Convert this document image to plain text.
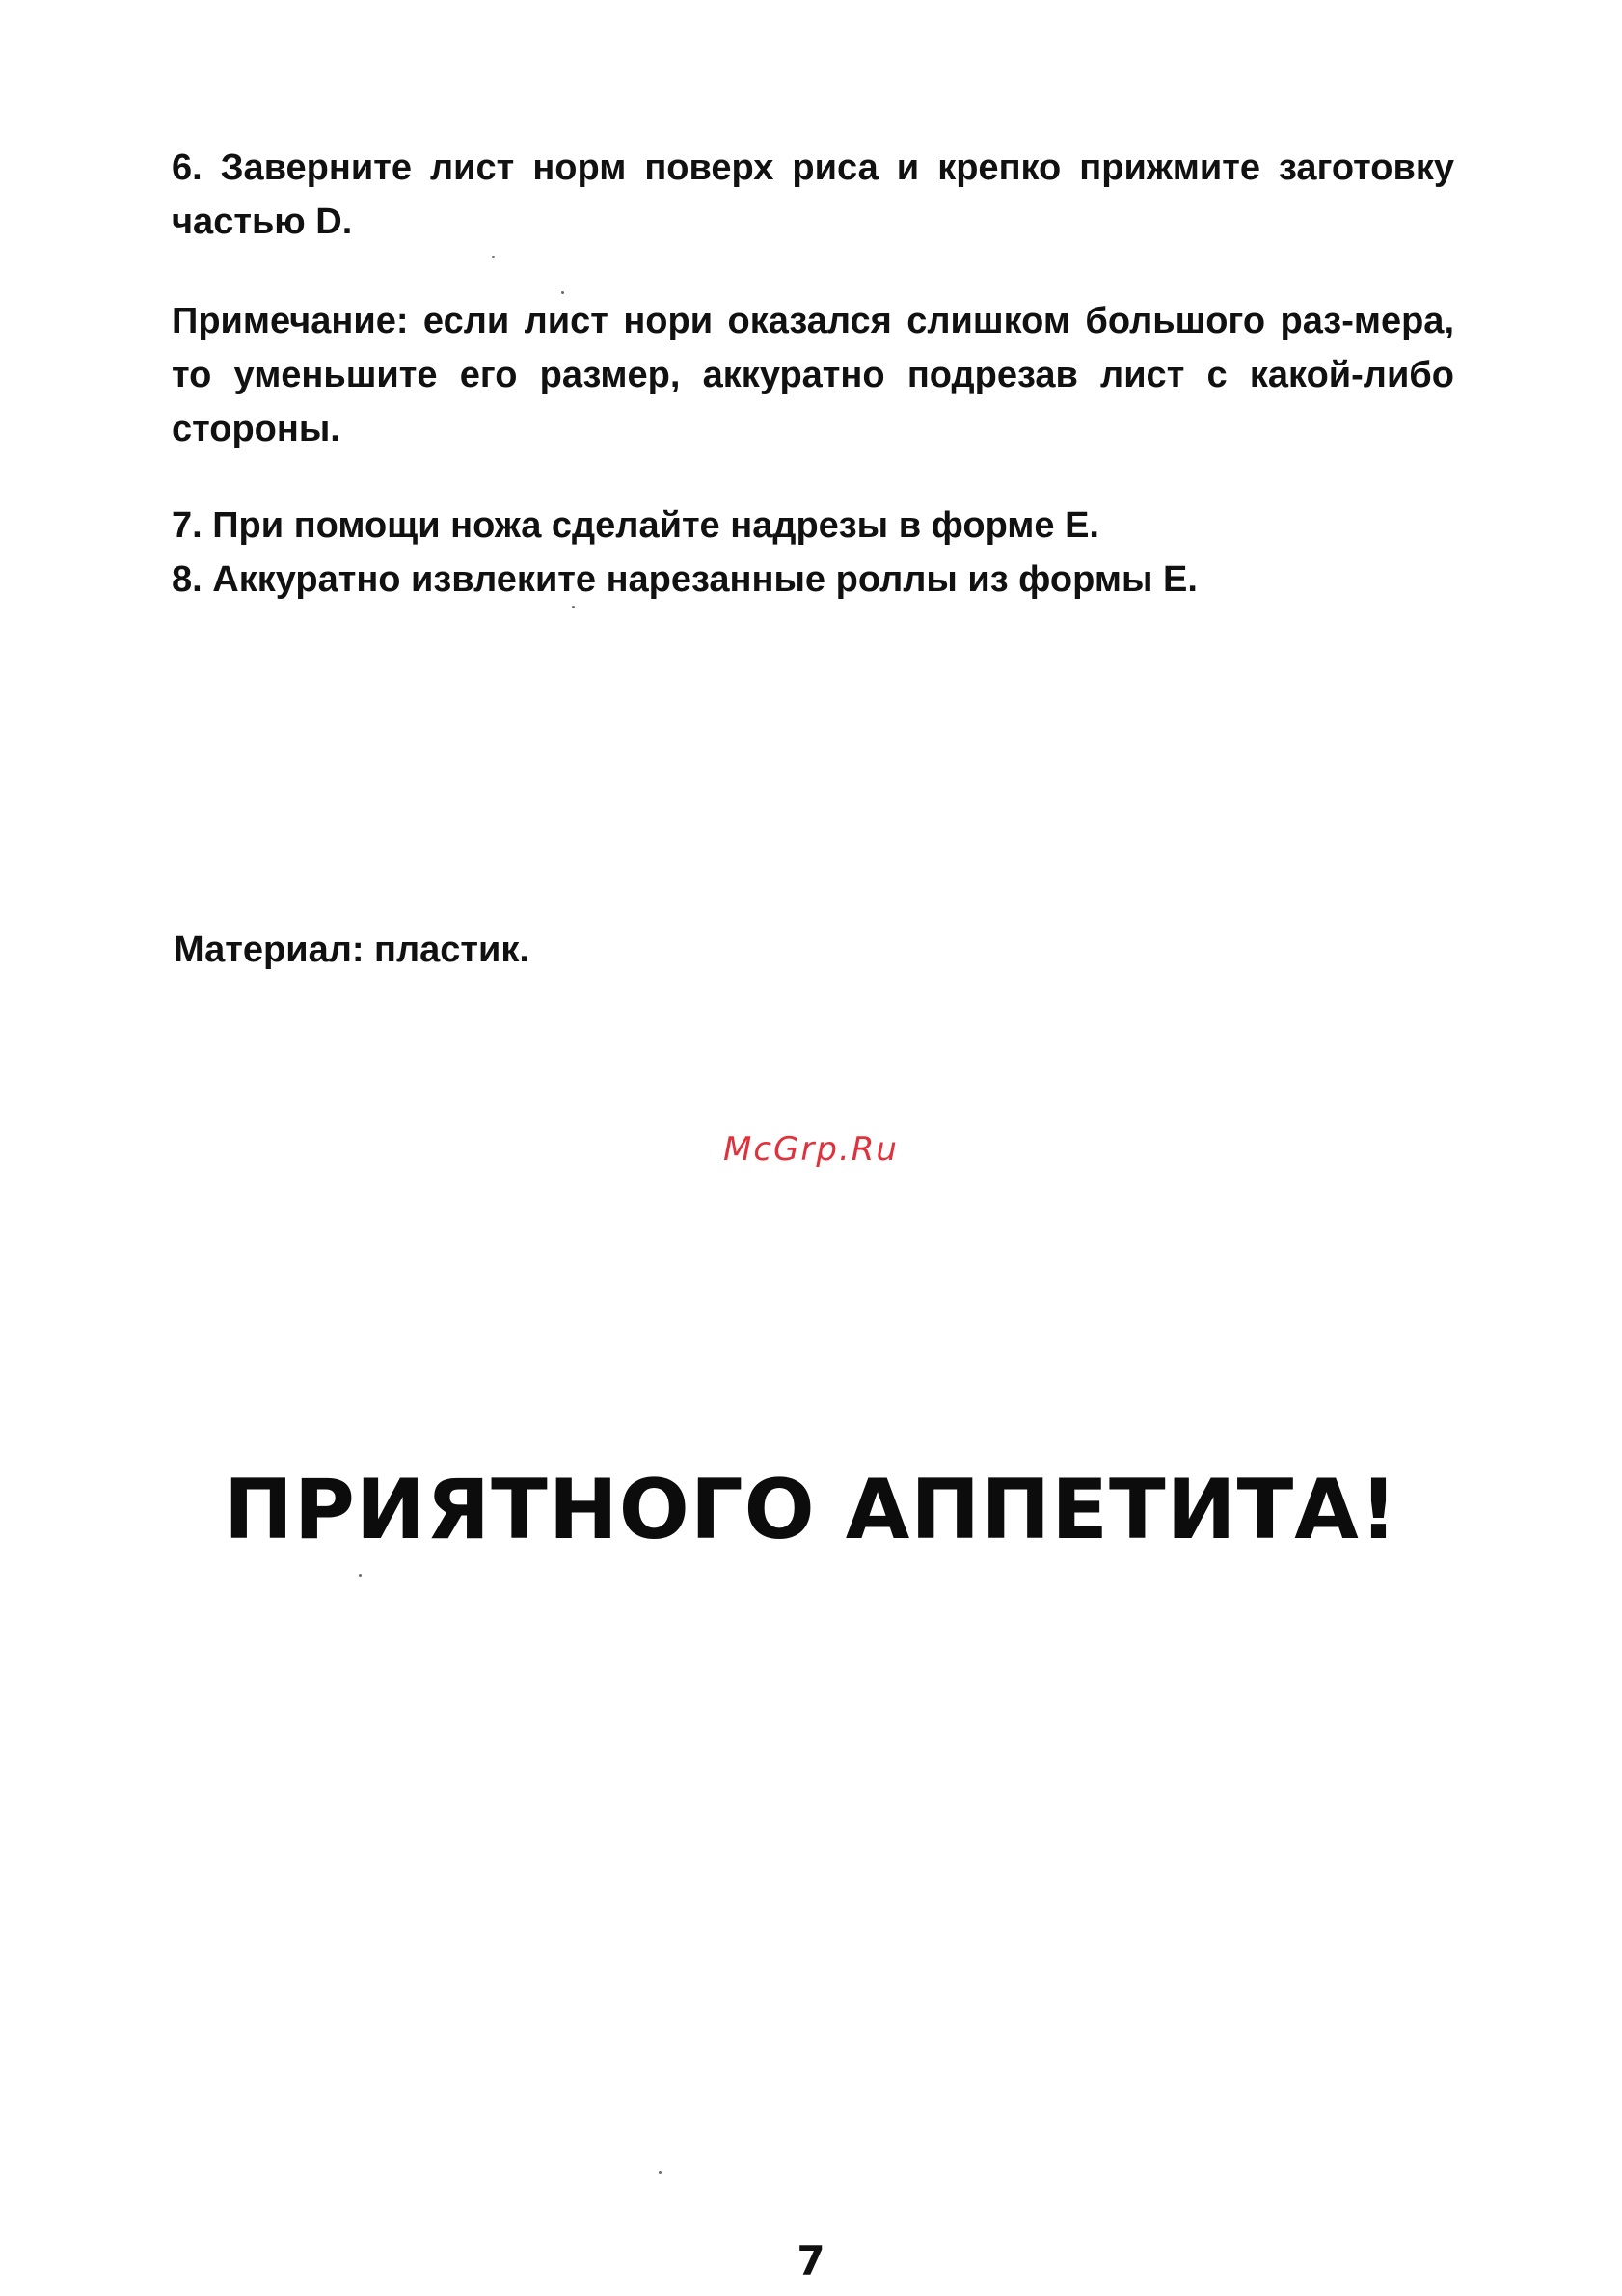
6. Заверните лист норм поверх риса и крепко прижмите заготовку частью D.

Примечание: если лист нори оказался слишком большого раз-мера, то уменьшите его размер, аккуратно подрезав лист с какой-либо стороны.

7. При помощи ножа сделайте надрезы в форме Е.

8. Аккуратно извлеките нарезанные роллы из формы Е.

Материал: пластик.

McGrp.Ru
ПРИЯТНОГО АППЕТИТА!
7
